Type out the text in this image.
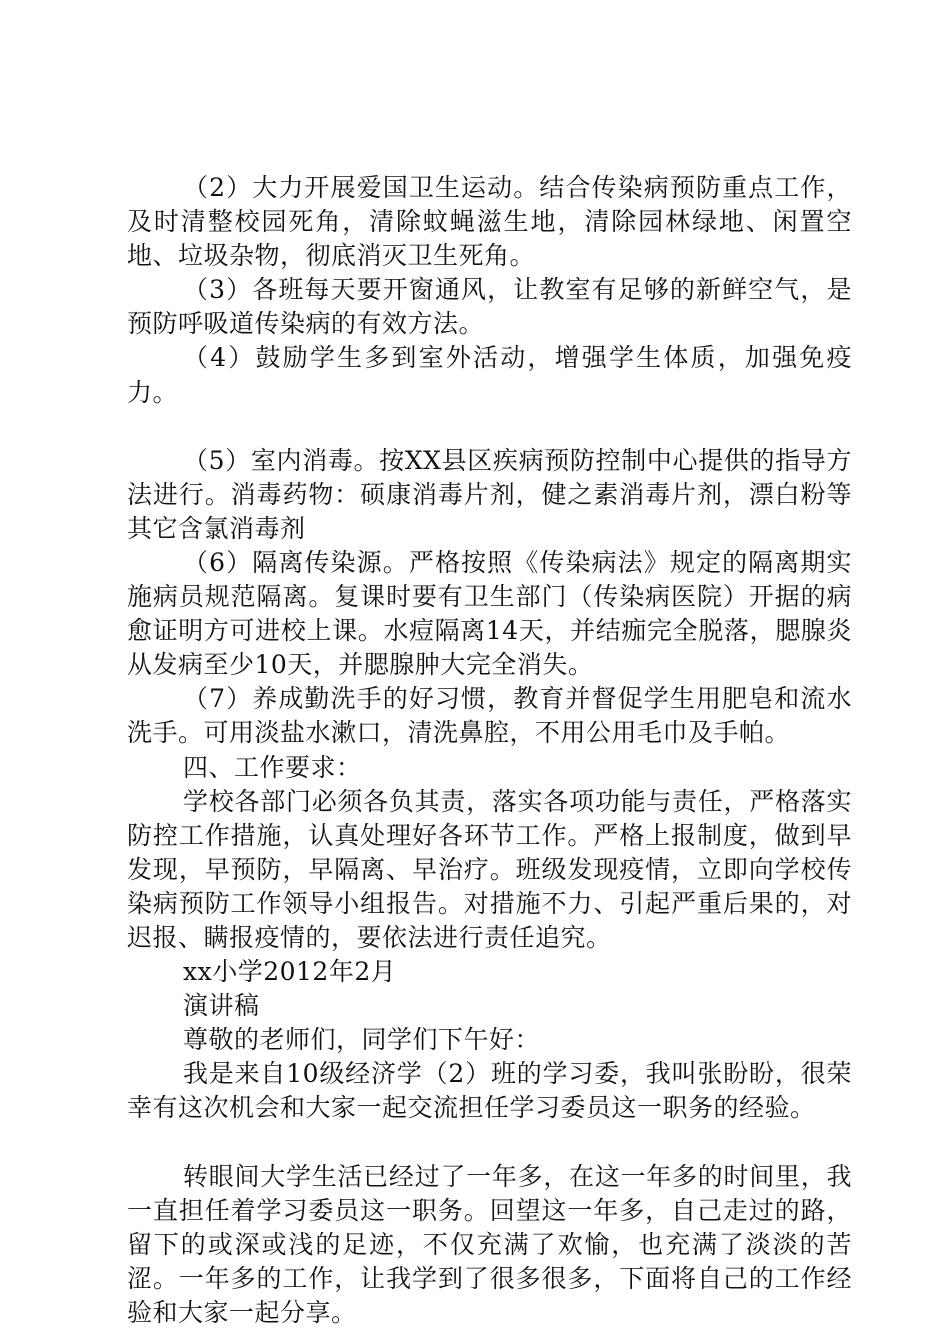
（2）大力开展爱国卫生运动。结合传染病预防重点工作，及时清整校园死角，清除蚊蝇滋生地，清除园林绿地、闲置空地、垃圾杂物，彻底消灭卫生死角。

（3）各班每天要开窗通风，让教室有足够的新鲜空气，是预防呼吸道传染病的有效方法。

（4）鼓励学生多到室外活动，增强学生体质，加强免疫力。

（5）室内消毒。按XX县区疾病预防控制中心提供的指导方法进行。消毒药物：硕康消毒片剂，健之素消毒片剂，漂白粉等其它含氯消毒剂

（6）隔离传染源。严格按照《传染病法》规定的隔离期实施病员规范隔离。复课时要有卫生部门（传染病医院）开据的病愈证明方可进校上课。水痘隔离14天，并结痂完全脱落，腮腺炎从发病至少10天，并腮腺肿大完全消失。

（7）养成勤洗手的好习惯，教育并督促学生用肥皂和流水洗手。可用淡盐水漱口，清洗鼻腔，不用公用毛巾及手帕。

四、工作要求：

学校各部门必须各负其责，落实各项功能与责任，严格落实防控工作措施，认真处理好各环节工作。严格上报制度，做到早发现，早预防，早隔离、早治疗。班级发现疫情，立即向学校传染病预防工作领导小组报告。对措施不力、引起严重后果的，对迟报、瞒报疫情的，要依法进行责任追究。

xx小学2012年2月

演讲稿

尊敬的老师们，同学们下午好：

我是来自10级经济学（2）班的学习委，我叫张盼盼，很荣幸有这次机会和大家一起交流担任学习委员这一职务的经验。

转眼间大学生活已经过了一年多，在这一年多的时间里，我一直担任着学习委员这一职务。回望这一年多，自己走过的路，留下的或深或浅的足迹，不仅充满了欢愉，也充满了淡淡的苦涩。一年多的工作，让我学到了很多很多，下面将自己的工作经验和大家一起分享。
